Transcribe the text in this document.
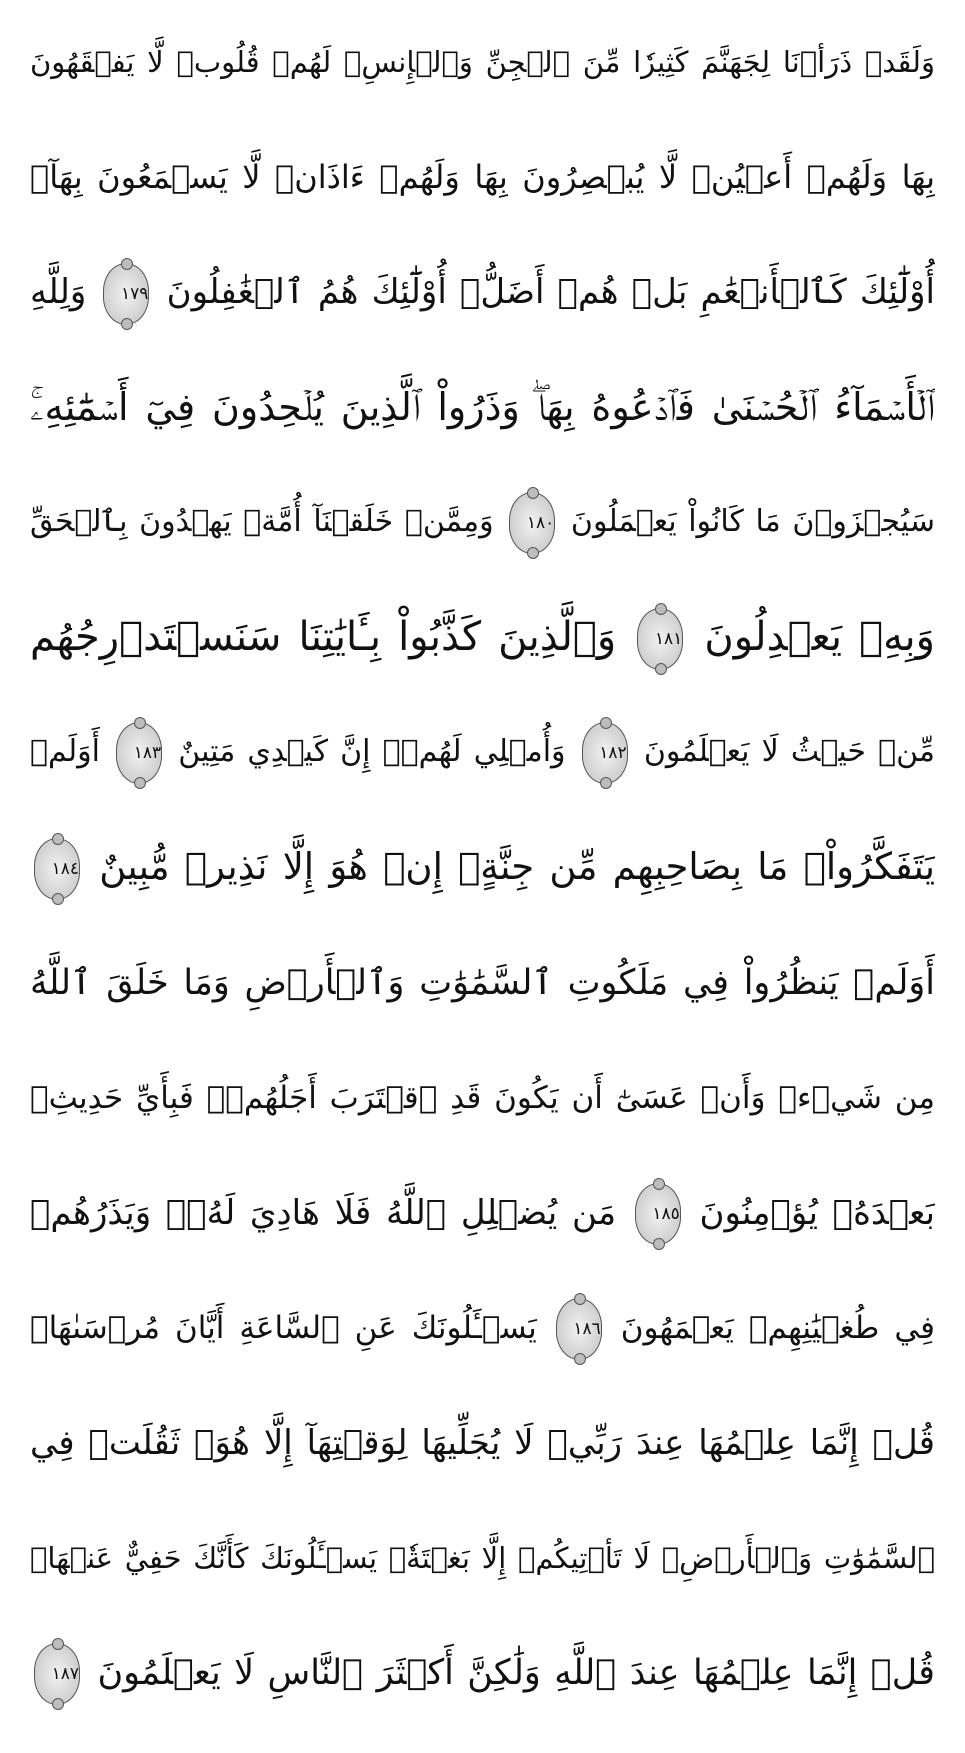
وَلَقَدۡ ذَرَأۡنَا لِجَهَنَّمَ كَثِيرٗا مِّنَ ٱلۡجِنِّ وَٱلۡإِنسِۖ لَهُمۡ قُلُوبٞ لَّا يَفۡقَهُونَ
بِهَا وَلَهُمۡ أَعۡيُنٞ لَّا يُبۡصِرُونَ بِهَا وَلَهُمۡ ءَاذَانٞ لَّا يَسۡمَعُونَ بِهَآۚ
أُوْلَٰٓئِكَ كَٱلۡأَنۡعَٰمِ بَلۡ هُمۡ أَضَلُّۚ أُوْلَٰٓئِكَ هُمُ ٱلۡغَٰفِلُونَ
١٧٩
وَلِلَّهِ
ٱلۡأَسۡمَآءُ ٱلۡحُسۡنَىٰ فَٱدۡعُوهُ بِهَاۖ وَذَرُواْ ٱلَّذِينَ يُلۡحِدُونَ فِيٓ أَسۡمَٰٓئِهِۦۚ
سَيُجۡزَوۡنَ مَا كَانُواْ يَعۡمَلُونَ
١٨٠
وَمِمَّنۡ خَلَقۡنَآ أُمَّةٞ يَهۡدُونَ بِٱلۡحَقِّ
وَبِهِۦ يَعۡدِلُونَ
١٨١
وَٱلَّذِينَ كَذَّبُواْ بِـَٔايَٰتِنَا سَنَسۡتَدۡرِجُهُم
مِّنۡ حَيۡثُ لَا يَعۡلَمُونَ
١٨٢
وَأُمۡلِي لَهُمۡۚ إِنَّ كَيۡدِي مَتِينٌ
١٨٣
أَوَلَمۡ
يَتَفَكَّرُواْۗ مَا بِصَاحِبِهِم مِّن جِنَّةٍۚ إِنۡ هُوَ إِلَّا نَذِيرٞ مُّبِينٌ
١٨٤
أَوَلَمۡ يَنظُرُواْ فِي مَلَكُوتِ ٱلسَّمَٰوَٰتِ وَٱلۡأَرۡضِ وَمَا خَلَقَ ٱللَّهُ
مِن شَيۡءٖ وَأَنۡ عَسَىٰٓ أَن يَكُونَ قَدِ ٱقۡتَرَبَ أَجَلُهُمۡۖ فَبِأَيِّ حَدِيثِۭ
بَعۡدَهُۥ يُؤۡمِنُونَ
١٨٥
مَن يُضۡلِلِ ٱللَّهُ فَلَا هَادِيَ لَهُۥۚ وَيَذَرُهُمۡ
فِي طُغۡيَٰنِهِمۡ يَعۡمَهُونَ
١٨٦
يَسۡـَٔلُونَكَ عَنِ ٱلسَّاعَةِ أَيَّانَ مُرۡسَىٰهَاۖ
قُلۡ إِنَّمَا عِلۡمُهَا عِندَ رَبِّيۖ لَا يُجَلِّيهَا لِوَقۡتِهَآ إِلَّا هُوَۚ ثَقُلَتۡ فِي
ٱلسَّمَٰوَٰتِ وَٱلۡأَرۡضِۚ لَا تَأۡتِيكُمۡ إِلَّا بَغۡتَةٗۗ يَسۡـَٔلُونَكَ كَأَنَّكَ حَفِيٌّ عَنۡهَاۖ
قُلۡ إِنَّمَا عِلۡمُهَا عِندَ ٱللَّهِ وَلَٰكِنَّ أَكۡثَرَ ٱلنَّاسِ لَا يَعۡلَمُونَ
١٨٧
